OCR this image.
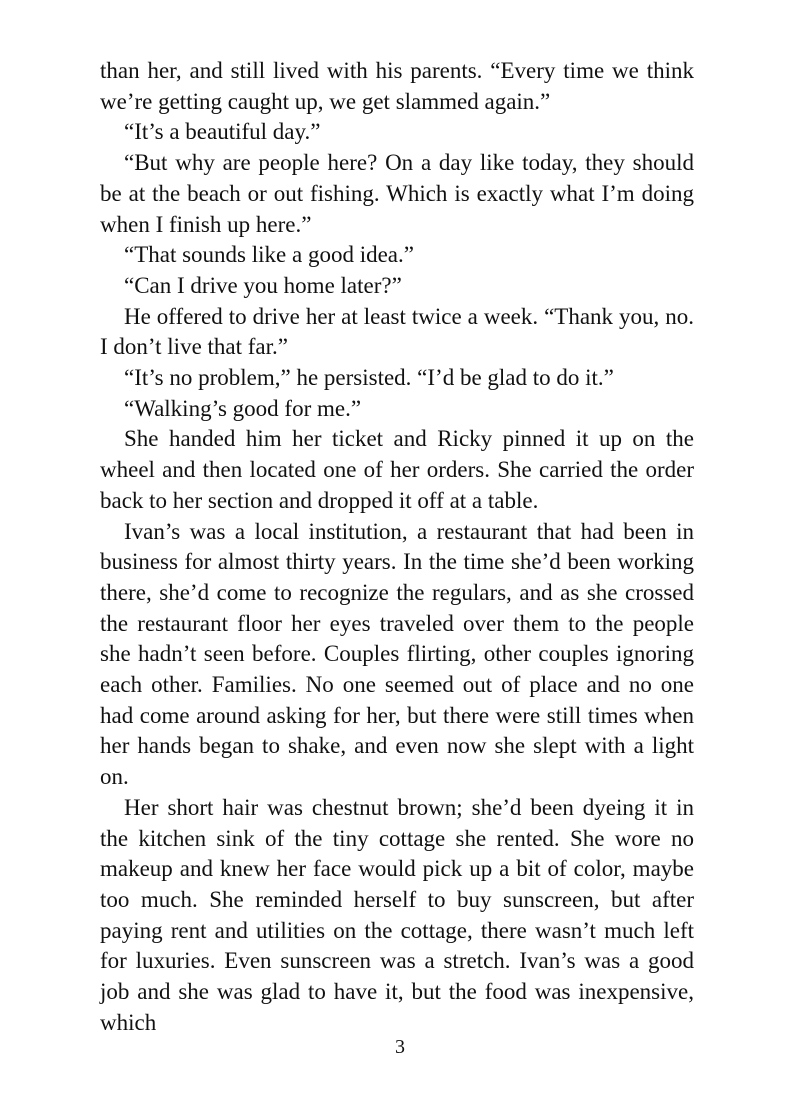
than her, and still lived with his parents. “Every time we think we’re getting caught up, we get slammed again.”

“It’s a beautiful day.”

“But why are people here? On a day like today, they should be at the beach or out fishing. Which is exactly what I’m doing when I finish up here.”

“That sounds like a good idea.”

“Can I drive you home later?”

He offered to drive her at least twice a week. “Thank you, no. I don’t live that far.”

“It’s no problem,” he persisted. “I’d be glad to do it.”

“Walking’s good for me.”

She handed him her ticket and Ricky pinned it up on the wheel and then located one of her orders. She carried the order back to her section and dropped it off at a table.

Ivan’s was a local institution, a restaurant that had been in business for almost thirty years. In the time she’d been working there, she’d come to recognize the regulars, and as she crossed the restaurant floor her eyes traveled over them to the people she hadn’t seen before. Couples flirting, other couples ignoring each other. Families. No one seemed out of place and no one had come around asking for her, but there were still times when her hands began to shake, and even now she slept with a light on.

Her short hair was chestnut brown; she’d been dyeing it in the kitchen sink of the tiny cottage she rented. She wore no makeup and knew her face would pick up a bit of color, maybe too much. She reminded herself to buy sunscreen, but after paying rent and utilities on the cottage, there wasn’t much left for luxuries. Even sunscreen was a stretch. Ivan’s was a good job and she was glad to have it, but the food was inexpensive, which

3
